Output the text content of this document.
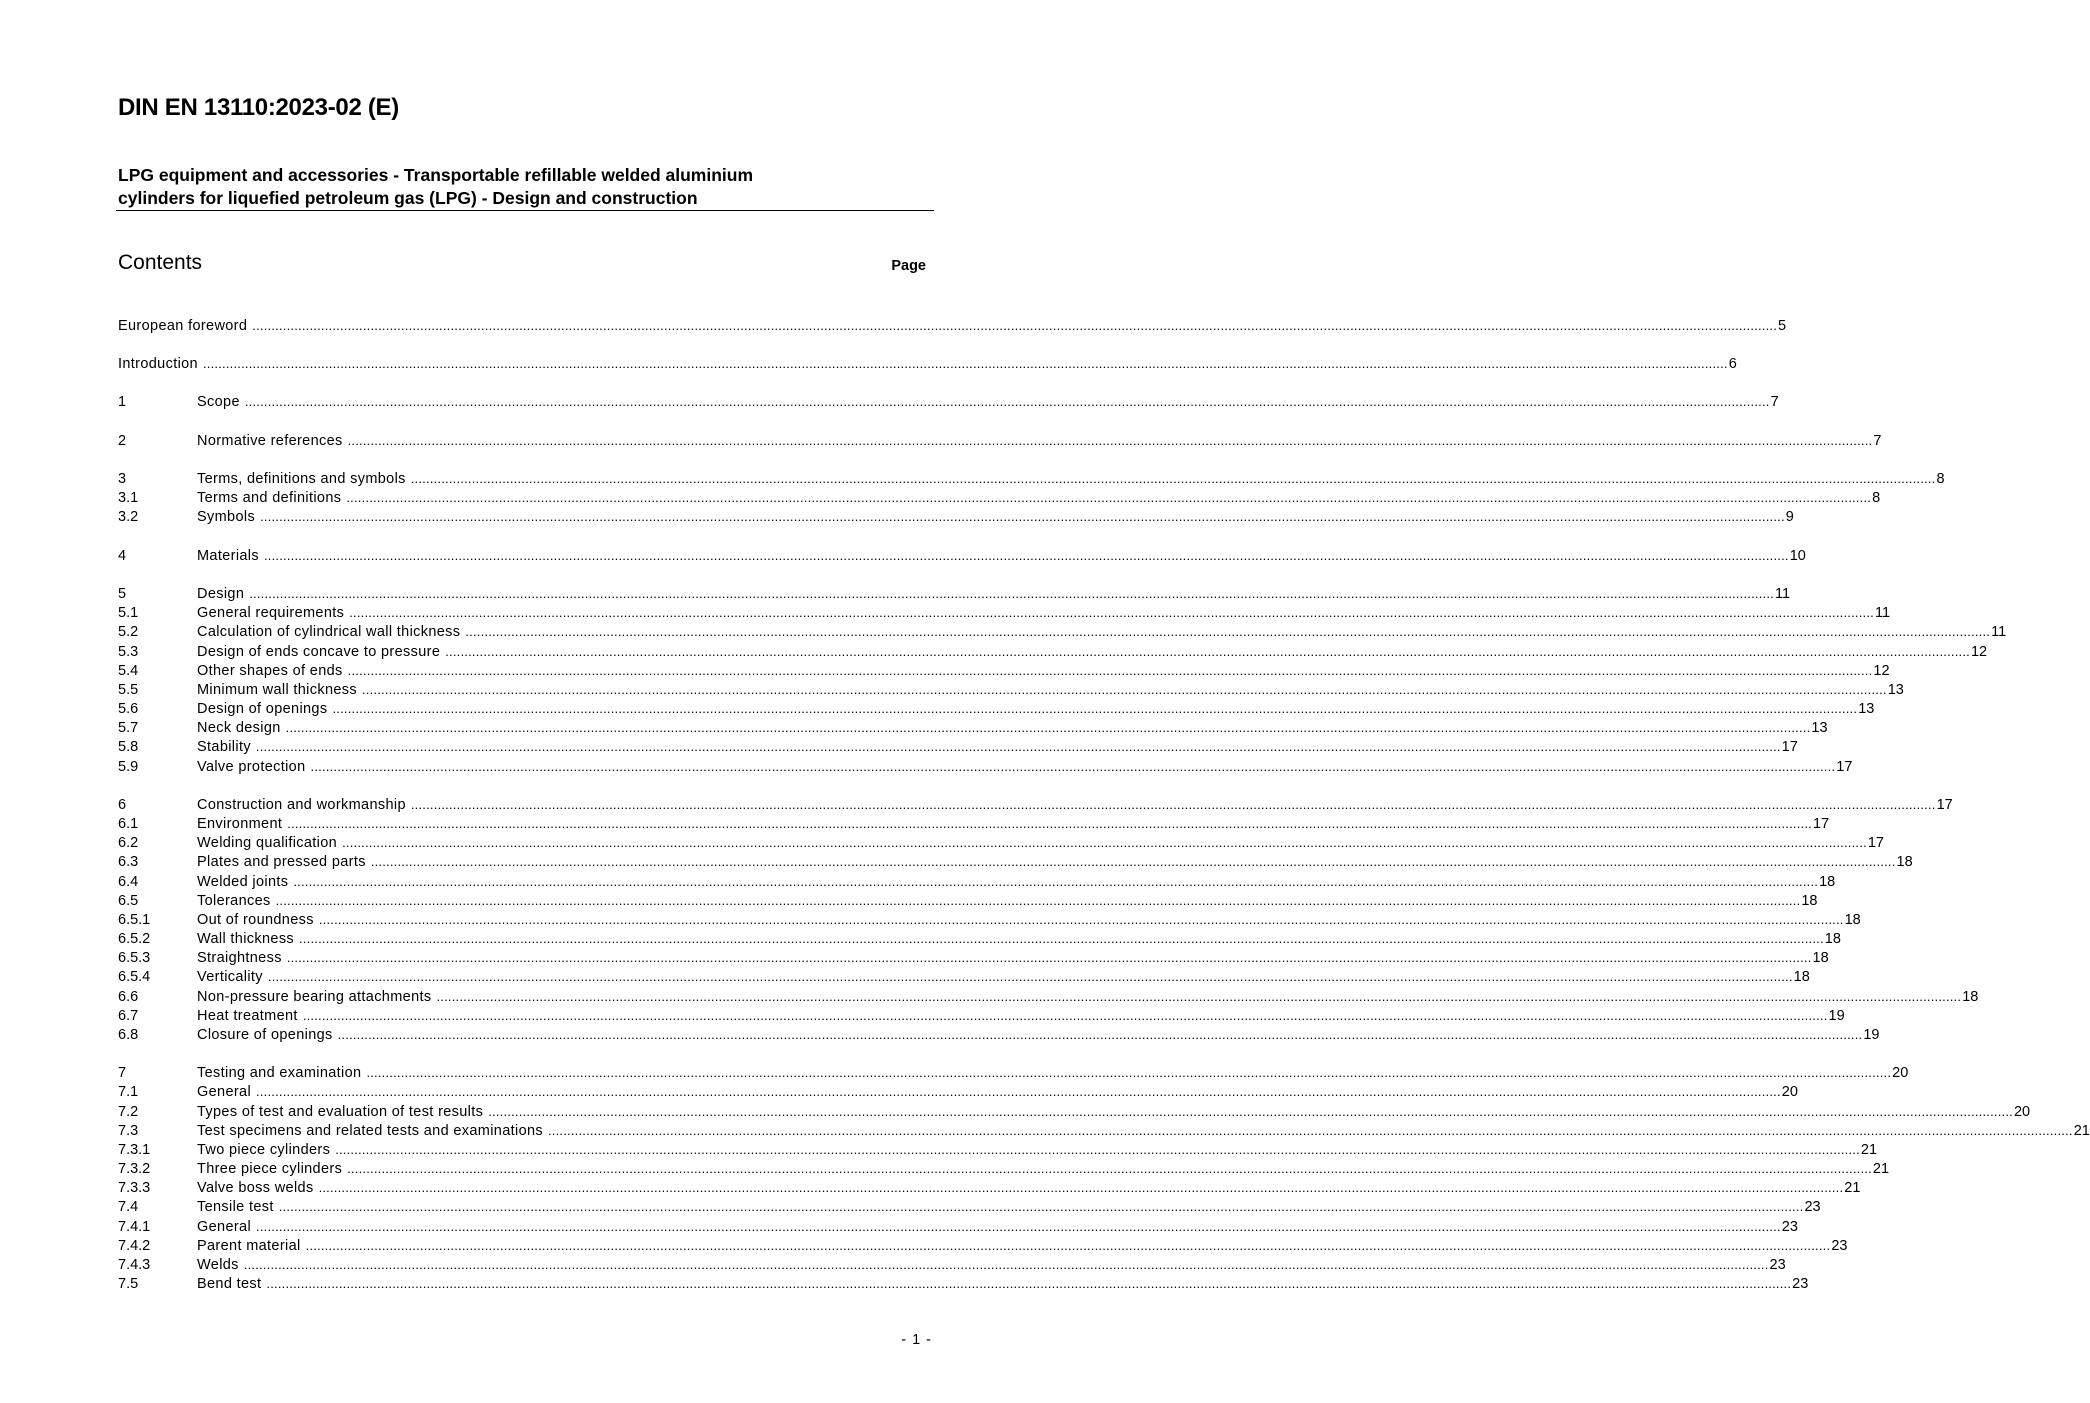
DIN EN 13110:2023-02 (E)
LPG equipment and accessories - Transportable refillable welded aluminium
cylinders for liquefied petroleum gas (LPG) - Design and construction
Contents	Page
European foreword ................................................................................................................................................................................................................................................................................................................................................................................................................ 5
Introduction ................................................................................................................................................................................................................................................................................................................................................................................................................ 6
1	Scope ................................................................................................................................................................................................................................................................................................................................................................................................................ 7
2	Normative references ................................................................................................................................................................................................................................................................................................................................................................................................................ 7
3	Terms, definitions and symbols ................................................................................................................................................................................................................................................................................................................................................................................................................ 8
3.1	Terms and definitions ................................................................................................................................................................................................................................................................................................................................................................................................................ 8
3.2	Symbols ................................................................................................................................................................................................................................................................................................................................................................................................................ 9
4	Materials ................................................................................................................................................................................................................................................................................................................................................................................................................ 10
5	Design ................................................................................................................................................................................................................................................................................................................................................................................................................ 11
5.1	General requirements ................................................................................................................................................................................................................................................................................................................................................................................................................ 11
5.2	Calculation of cylindrical wall thickness ................................................................................................................................................................................................................................................................................................................................................................................................................ 11
5.3	Design of ends concave to pressure ................................................................................................................................................................................................................................................................................................................................................................................................................ 12
5.4	Other shapes of ends ................................................................................................................................................................................................................................................................................................................................................................................................................ 12
5.5	Minimum wall thickness ................................................................................................................................................................................................................................................................................................................................................................................................................ 13
5.6	Design of openings ................................................................................................................................................................................................................................................................................................................................................................................................................ 13
5.7	Neck design ................................................................................................................................................................................................................................................................................................................................................................................................................ 13
5.8	Stability ................................................................................................................................................................................................................................................................................................................................................................................................................ 17
5.9	Valve protection ................................................................................................................................................................................................................................................................................................................................................................................................................ 17
6	Construction and workmanship ................................................................................................................................................................................................................................................................................................................................................................................................................ 17
6.1	Environment ................................................................................................................................................................................................................................................................................................................................................................................................................ 17
6.2	Welding qualification ................................................................................................................................................................................................................................................................................................................................................................................................................ 17
6.3	Plates and pressed parts ................................................................................................................................................................................................................................................................................................................................................................................................................ 18
6.4	Welded joints ................................................................................................................................................................................................................................................................................................................................................................................................................ 18
6.5	Tolerances ................................................................................................................................................................................................................................................................................................................................................................................................................ 18
6.5.1	Out of roundness ................................................................................................................................................................................................................................................................................................................................................................................................................ 18
6.5.2	Wall thickness ................................................................................................................................................................................................................................................................................................................................................................................................................ 18
6.5.3	Straightness ................................................................................................................................................................................................................................................................................................................................................................................................................ 18
6.5.4	Verticality ................................................................................................................................................................................................................................................................................................................................................................................................................ 18
6.6	Non-pressure bearing attachments ................................................................................................................................................................................................................................................................................................................................................................................................................ 18
6.7	Heat treatment ................................................................................................................................................................................................................................................................................................................................................................................................................ 19
6.8	Closure of openings ................................................................................................................................................................................................................................................................................................................................................................................................................ 19
7	Testing and examination ................................................................................................................................................................................................................................................................................................................................................................................................................ 20
7.1	General ................................................................................................................................................................................................................................................................................................................................................................................................................ 20
7.2	Types of test and evaluation of test results ................................................................................................................................................................................................................................................................................................................................................................................................................ 20
7.3	Test specimens and related tests and examinations ................................................................................................................................................................................................................................................................................................................................................................................................................ 21
7.3.1	Two piece cylinders ................................................................................................................................................................................................................................................................................................................................................................................................................ 21
7.3.2	Three piece cylinders ................................................................................................................................................................................................................................................................................................................................................................................................................ 21
7.3.3	Valve boss welds ................................................................................................................................................................................................................................................................................................................................................................................................................ 21
7.4	Tensile test ................................................................................................................................................................................................................................................................................................................................................................................................................ 23
7.4.1	General ................................................................................................................................................................................................................................................................................................................................................................................................................ 23
7.4.2	Parent material ................................................................................................................................................................................................................................................................................................................................................................................................................ 23
7.4.3	Welds ................................................................................................................................................................................................................................................................................................................................................................................................................ 23
7.5	Bend test ................................................................................................................................................................................................................................................................................................................................................................................................................ 23
- 1 -
